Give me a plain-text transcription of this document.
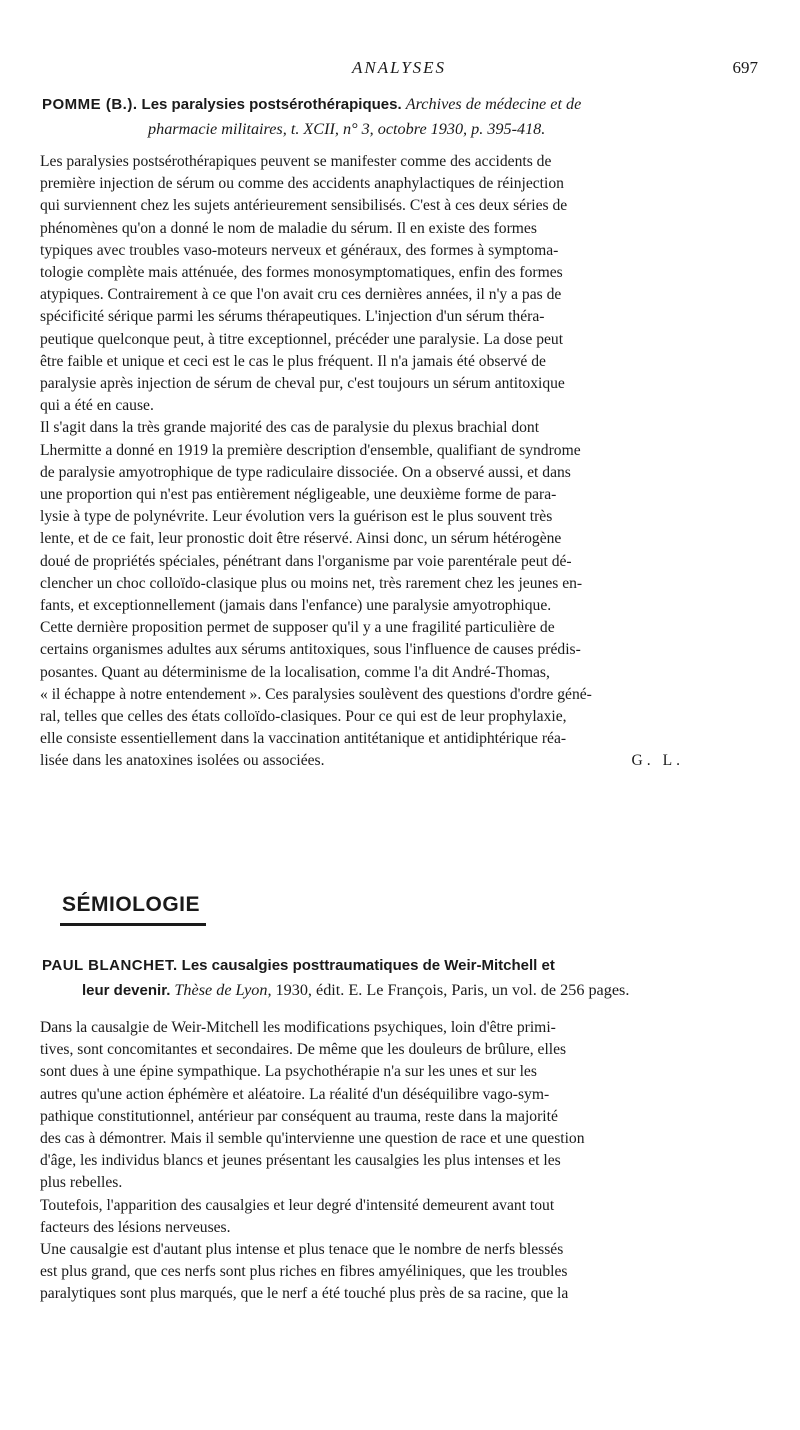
ANALYSES	697
POMME (B.). Les paralysies postsérothérapiques. Archives de médecine et de
pharmacie militaires, t. XCII, n° 3, octobre 1930, p. 395-418.
Les paralysies postsérothérapiques peuvent se manifester comme des accidents de
première injection de sérum ou comme des accidents anaphylactiques de réinjection
qui surviennent chez les sujets antérieurement sensibilisés. C'est à ces deux séries de
phénomènes qu'on a donné le nom de maladie du sérum. Il en existe des formes
typiques avec troubles vaso-moteurs nerveux et généraux, des formes à symptoma-
tologie complète mais atténuée, des formes monosymptomatiques, enfin des formes
atypiques. Contrairement à ce que l'on avait cru ces dernières années, il n'y a pas de
spécificité sérique parmi les sérums thérapeutiques. L'injection d'un sérum théra-
peutique quelconque peut, à titre exceptionnel, précéder une paralysie. La dose peut
être faible et unique et ceci est le cas le plus fréquent. Il n'a jamais été observé de
paralysie après injection de sérum de cheval pur, c'est toujours un sérum antitoxique
qui a été en cause.
Il s'agit dans la très grande majorité des cas de paralysie du plexus brachial dont
Lhermitte a donné en 1919 la première description d'ensemble, qualifiant de syndrome
de paralysie amyotrophique de type radiculaire dissociée. On a observé aussi, et dans
une proportion qui n'est pas entièrement négligeable, une deuxième forme de para-
lysie à type de polynévrite. Leur évolution vers la guérison est le plus souvent très
lente, et de ce fait, leur pronostic doit être réservé. Ainsi donc, un sérum hétérogène
doué de propriétés spéciales, pénétrant dans l'organisme par voie parentérale peut dé-
clencher un choc colloïdo-clasique plus ou moins net, très rarement chez les jeunes en-
fants, et exceptionnellement (jamais dans l'enfance) une paralysie amyotrophique.
Cette dernière proposition permet de supposer qu'il y a une fragilité particulière de
certains organismes adultes aux sérums antitoxiques, sous l'influence de causes prédis-
posantes. Quant au déterminisme de la localisation, comme l'a dit André-Thomas,
« il échappe à notre entendement ». Ces paralysies soulèvent des questions d'ordre géné-
ral, telles que celles des états colloïdo-clasiques. Pour ce qui est de leur prophylaxie,
elle consiste essentiellement dans la vaccination antitétanique et antidiphtérique réa-
lisée dans les anatoxines isolées ou associées.	G. L.
SÉMIOLOGIE
PAUL BLANCHET. Les causalgies posttraumatiques de Weir-Mitchell et
leur devenir. Thèse de Lyon, 1930, édit. E. Le François, Paris, un vol. de 256 pages.
Dans la causalgie de Weir-Mitchell les modifications psychiques, loin d'être primi-
tives, sont concomitantes et secondaires. De même que les douleurs de brûlure, elles
sont dues à une épine sympathique. La psychothérapie n'a sur les unes et sur les
autres qu'une action éphémère et aléatoire. La réalité d'un déséquilibre vago-sym-
pathique constitutionnel, antérieur par conséquent au trauma, reste dans la majorité
des cas à démontrer. Mais il semble qu'intervienne une question de race et une question
d'âge, les individus blancs et jeunes présentant les causalgies les plus intenses et les
plus rebelles.
Toutefois, l'apparition des causalgies et leur degré d'intensité demeurent avant tout
facteurs des lésions nerveuses.
Une causalgie est d'autant plus intense et plus tenace que le nombre de nerfs blessés
est plus grand, que ces nerfs sont plus riches en fibres amyéliniques, que les troubles
paralytiques sont plus marqués, que le nerf a été touché plus près de sa racine, que la
